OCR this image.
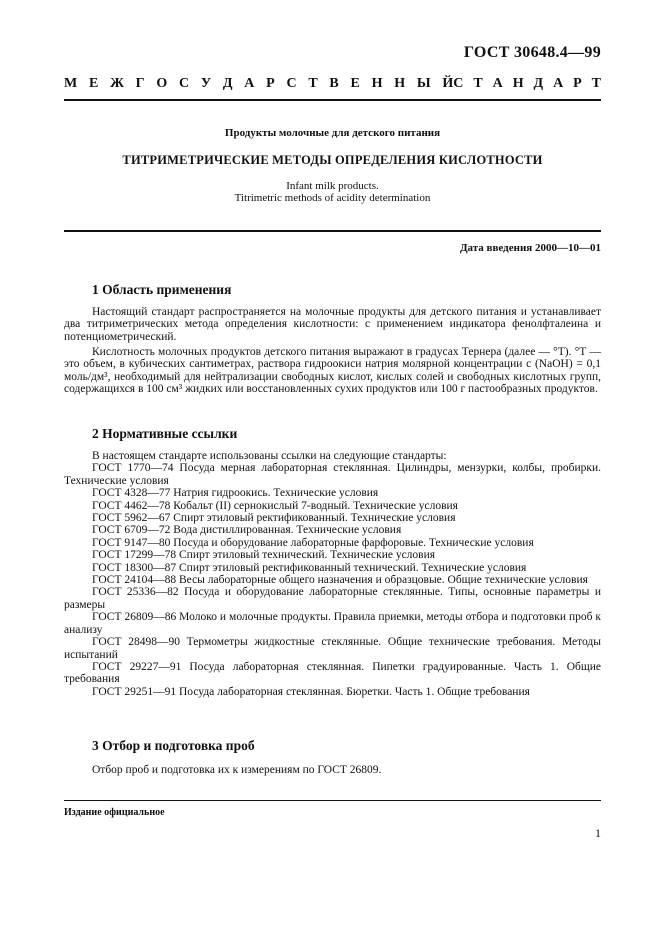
ГОСТ 30648.4—99
М Е Ж Г О С У Д А Р С Т В Е Н Н Ы Й С Т А Н Д А Р Т
Продукты молочные для детского питания
ТИТРИМЕТРИЧЕСКИЕ МЕТОДЫ ОПРЕДЕЛЕНИЯ КИСЛОТНОСТИ
Infant milk products.
Titrimetric methods of acidity determination
Дата введения 2000—10—01
1 Область применения
Настоящий стандарт распространяется на молочные продукты для детского питания и устанавливает два титриметрических метода определения кислотности: с применением индикатора фенолфталеина и потенциометрический.
Кислотность молочных продуктов детского питания выражают в градусах Тернера (далее — °Т). °Т — это объем, в кубических сантиметрах, раствора гидроокиси натрия молярной концентрации c (NaOH) = 0,1 моль/дм³, необходимый для нейтрализации свободных кислот, кислых солей и свободных кислотных групп, содержащихся в 100 см³ жидких или восстановленных сухих продуктов или 100 г пастообразных продуктов.
2 Нормативные ссылки
В настоящем стандарте использованы ссылки на следующие стандарты:
ГОСТ 1770—74 Посуда мерная лабораторная стеклянная. Цилиндры, мензурки, колбы, пробирки. Технические условия
ГОСТ 4328—77 Натрия гидроокись. Технические условия
ГОСТ 4462—78 Кобальт (II) сернокислый 7-водный. Технические условия
ГОСТ 5962—67 Спирт этиловый ректификованный. Технические условия
ГОСТ 6709—72 Вода дистиллированная. Технические условия
ГОСТ 9147—80 Посуда и оборудование лабораторные фарфоровые. Технические условия
ГОСТ 17299—78 Спирт этиловый технический. Технические условия
ГОСТ 18300—87 Спирт этиловый ректификованный технический. Технические условия
ГОСТ 24104—88 Весы лабораторные общего назначения и образцовые. Общие технические условия
ГОСТ 25336—82 Посуда и оборудование лабораторные стеклянные. Типы, основные параметры и размеры
ГОСТ 26809—86 Молоко и молочные продукты. Правила приемки, методы отбора и подготовки проб к анализу
ГОСТ 28498—90 Термометры жидкостные стеклянные. Общие технические требования. Методы испытаний
ГОСТ 29227—91 Посуда лабораторная стеклянная. Пипетки градуированные. Часть 1. Общие требования
ГОСТ 29251—91 Посуда лабораторная стеклянная. Бюретки. Часть 1. Общие требования
3 Отбор и подготовка проб
Отбор проб и подготовка их к измерениям по ГОСТ 26809.
Издание официальное
1
